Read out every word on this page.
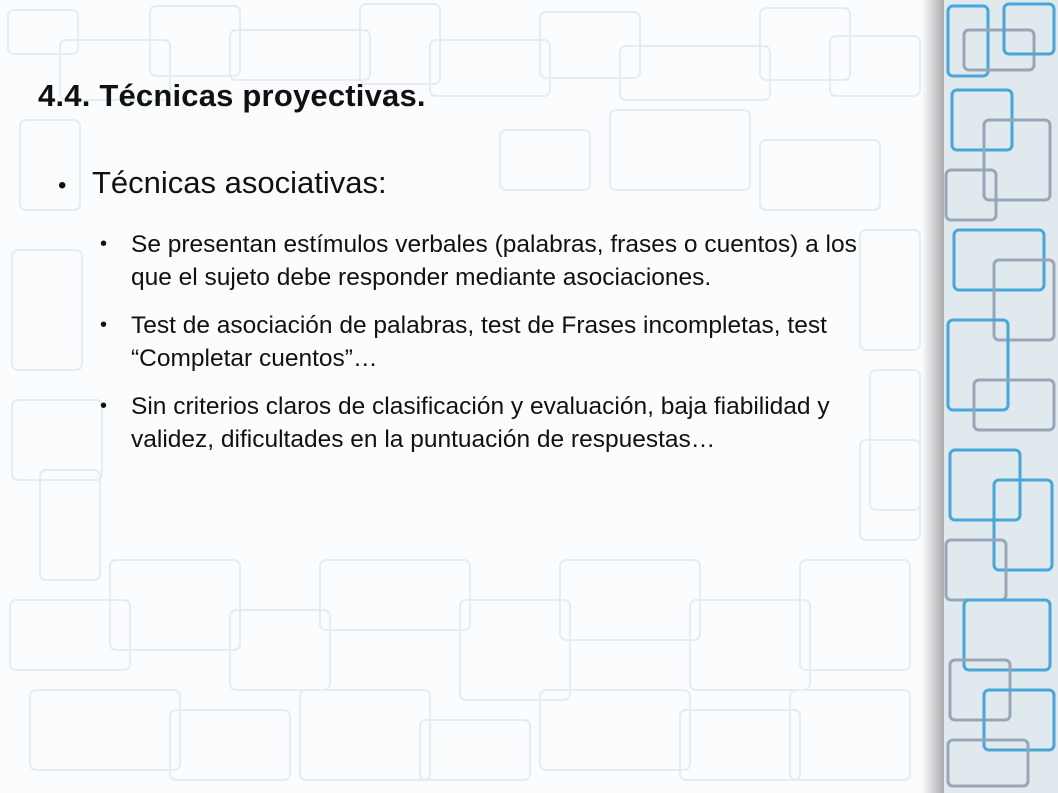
4.4. Técnicas proyectivas.
• Técnicas asociativas:
• Se presentan estímulos verbales (palabras, frases o cuentos) a los que el sujeto debe responder mediante asociaciones.
• Test de asociación de palabras, test de Frases incompletas, test “Completar cuentos”…
• Sin criterios claros de clasificación y evaluación, baja fiabilidad y validez, dificultades en la puntuación de respuestas…
